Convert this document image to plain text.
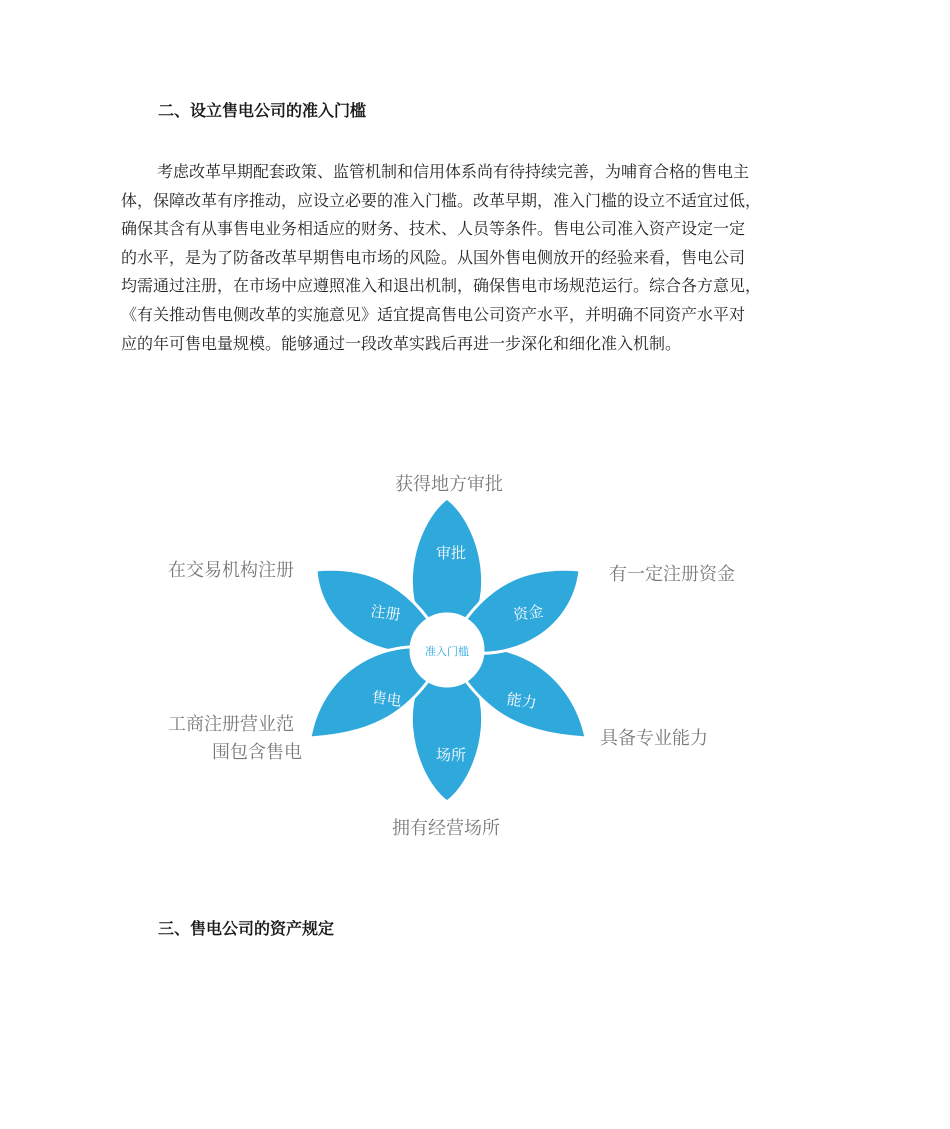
二、设立售电公司的准入门槛
考虑改革早期配套政策、监管机制和信用体系尚有待持续完善，为哺育合格的售电主
体，保障改革有序推动，应设立必要的准入门槛。改革早期，准入门槛的设立不适宜过低，
确保其含有从事售电业务相适应的财务、技术、人员等条件。售电公司准入资产设定一定
的水平，是为了防备改革早期售电市场的风险。从国外售电侧放开的经验来看，售电公司
均需通过注册，在市场中应遵照准入和退出机制，确保售电市场规范运行。综合各方意见，
《有关推动售电侧改革的实施意见》适宜提高售电公司资产水平，并明确不同资产水平对
应的年可售电量规模。能够通过一段改革实践后再进一步深化和细化准入机制。
准入门槛
审批
资金
能力
场所
售电
注册
获得地方审批
有一定注册资金
具备专业能力
拥有经营场所
工商注册营业范
围包含售电
在交易机构注册
三、售电公司的资产规定
